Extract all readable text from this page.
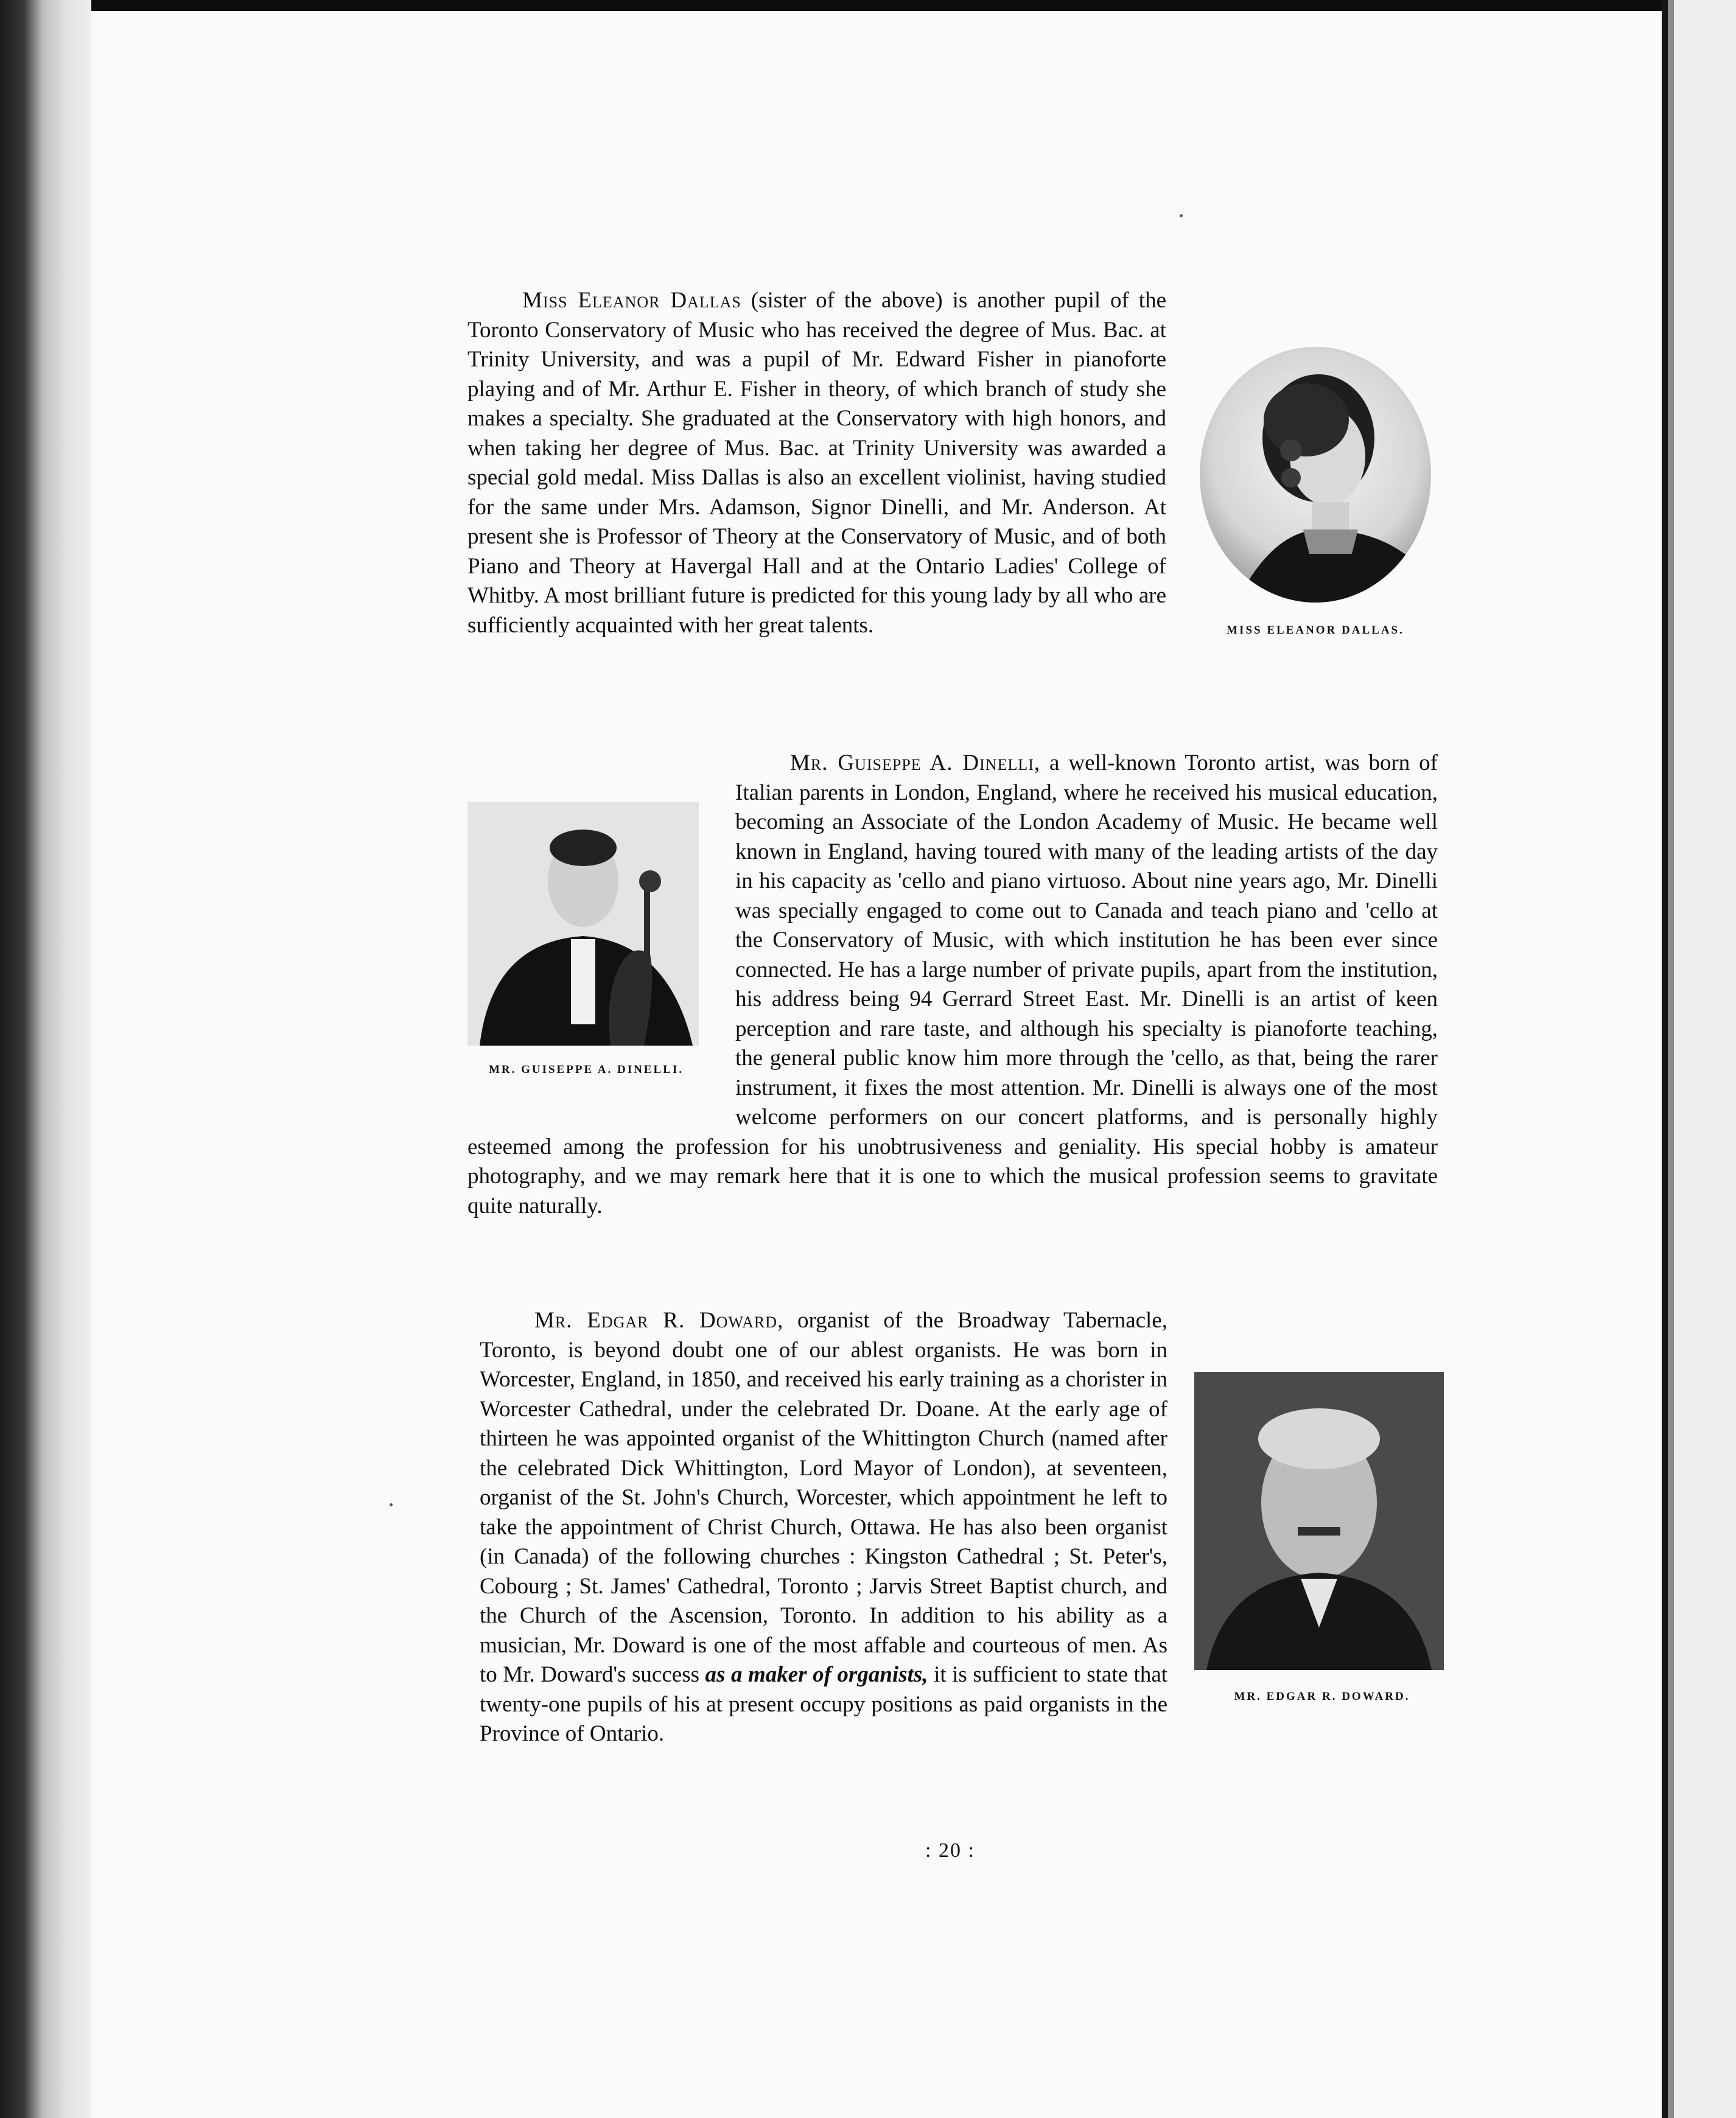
MISS ELEANOR DALLAS.

Miss Eleanor Dallas (sister of the above) is another pupil of the Toronto Conservatory of Music who has received the degree of Mus. Bac. at Trinity University, and was a pupil of Mr. Edward Fisher in pianoforte playing and of Mr. Arthur E. Fisher in theory, of which branch of study she makes a specialty. She graduated at the Conservatory with high honors, and when taking her degree of Mus. Bac. at Trinity University was awarded a special gold medal. Miss Dallas is also an excellent violinist, having studied for the same under Mrs. Adamson, Signor Dinelli, and Mr. Anderson. At present she is Professor of Theory at the Conservatory of Music, and of both Piano and Theory at Havergal Hall and at the Ontario Ladies' College of Whitby. A most brilliant future is predicted for this young lady by all who are sufficiently acquainted with her great talents.

MR. GUISEPPE A. DINELLI.

Mr. Guiseppe A. Dinelli, a well-known Toronto artist, was born of Italian parents in London, England, where he received his musical education, becoming an Associate of the London Academy of Music. He became well known in England, having toured with many of the leading artists of the day in his capacity as 'cello and piano virtuoso. About nine years ago, Mr. Dinelli was specially engaged to come out to Canada and teach piano and 'cello at the Conservatory of Music, with which institution he has been ever since connected. He has a large number of private pupils, apart from the institution, his address being 94 Gerrard Street East. Mr. Dinelli is an artist of keen perception and rare taste, and although his specialty is pianoforte teaching, the general public know him more through the 'cello, as that, being the rarer instrument, it fixes the most attention. Mr. Dinelli is always one of the most welcome performers on our concert platforms, and is personally highly esteemed among the profession for his unobtrusiveness and geniality. His special hobby is amateur photography, and we may remark here that it is one to which the musical profession seems to gravitate quite naturally.

MR. EDGAR R. DOWARD.

Mr. Edgar R. Doward, organist of the Broadway Tabernacle, Toronto, is beyond doubt one of our ablest organists. He was born in Worcester, England, in 1850, and received his early training as a chorister in Worcester Cathedral, under the celebrated Dr. Doane. At the early age of thirteen he was appointed organist of the Whittington Church (named after the celebrated Dick Whittington, Lord Mayor of London), at seventeen, organist of the St. John's Church, Worcester, which appointment he left to take the appointment of Christ Church, Ottawa. He has also been organist (in Canada) of the following churches : Kingston Cathedral ; St. Peter's, Cobourg ; St. James' Cathedral, Toronto ; Jarvis Street Baptist church, and the Church of the Ascension, Toronto. In addition to his ability as a musician, Mr. Doward is one of the most affable and courteous of men. As to Mr. Doward's success as a maker of organists, it is sufficient to state that twenty-one pupils of his at present occupy positions as paid organists in the Province of Ontario.

: 20 :
